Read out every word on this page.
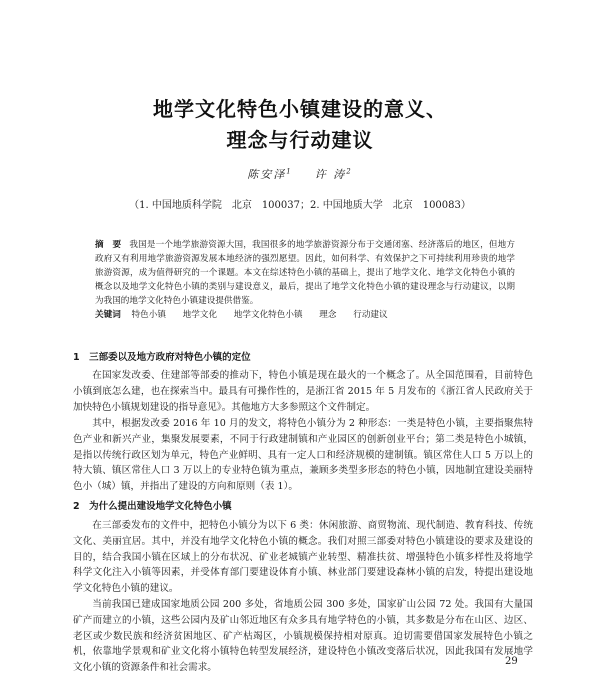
地学文化特色小镇建设的意义、
理念与行动建议
陈安泽$^1$ 许 涛$^2$
（1. 中国地质科学院　北京　100037；2. 中国地质大学　北京　100083）
摘　要 我国是一个地学旅游资源大国，我国很多的地学旅游资源分布于交通闭塞、经济落后的地区，但地方政府又有利用地学旅游资源发展本地经济的强烈愿望。因此，如何科学、有效保护之下可持续利用珍贵的地学旅游资源，成为值得研究的一个课题。本文在综述特色小镇的基础上，提出了地学文化、地学文化特色小镇的概念以及地学文化特色小镇的类别与建设意义，最后，提出了地学文化特色小镇的建设理念与行动建议，以期为我国的地学文化特色小镇建设提供借鉴。
关键词 特色小镇 地学文化 地学文化特色小镇 理念 行动建议
1　三部委以及地方政府对特色小镇的定位

在国家发改委、住建部等部委的推动下，特色小镇是现在最火的一个概念了。从全国范围看，目前特色小镇到底怎么建，也在探索当中。最具有可操作性的，是浙江省 2015 年 5 月发布的《浙江省人民政府关于加快特色小镇规划建设的指导意见》。其他地方大多参照这个文件制定。

其中，根据发改委 2016 年 10 月的发文，将特色小镇分为 2 种形态：一类是特色小镇，主要指聚焦特色产业和新兴产业，集聚发展要素，不同于行政建制镇和产业园区的创新创业平台；第二类是特色小城镇，是指以传统行政区划为单元，特色产业鲜明、具有一定人口和经济规模的建制镇。镇区常住人口 5 万以上的特大镇、镇区常住人口 3 万以上的专业特色镇为重点，兼顾多类型多形态的特色小镇，因地制宜建设美丽特色小（城）镇，并指出了建设的方向和原则（表 1）。

2　为什么提出建设地学文化特色小镇

在三部委发布的文件中，把特色小镇分为以下 6 类：休闲旅游、商贸物流、现代制造、教育科技、传统文化、美丽宜居。其中，并没有地学文化特色小镇的概念。我们对照三部委对特色小镇建设的要求及建设的目的，结合我国小镇在区域上的分布状况、矿业老城镇产业转型、精准扶贫、增强特色小镇多样性及将地学科学文化注入小镇等因素，并受体育部门要建设体育小镇、林业部门要建设森林小镇的启发，特提出建设地学文化特色小镇的建议。

当前我国已建成国家地质公园 200 多处，省地质公园 300 多处，国家矿山公园 72 处。我国有大量国矿产而建立的小镇，这些公园内及矿山邻近地区有众多具有地学特色的小镇，其多数是分布在山区、边区、老区或少数民族和经济贫困地区、矿产枯竭区，小镇规模保持相对原真。迫切需要借国家发展特色小镇之机，依靠地学景观和矿业文化将小镇特色转型发展经济，建设特色小镇改变落后状况，因此我国有发展地学文化小镇的资源条件和社会需求。

29
